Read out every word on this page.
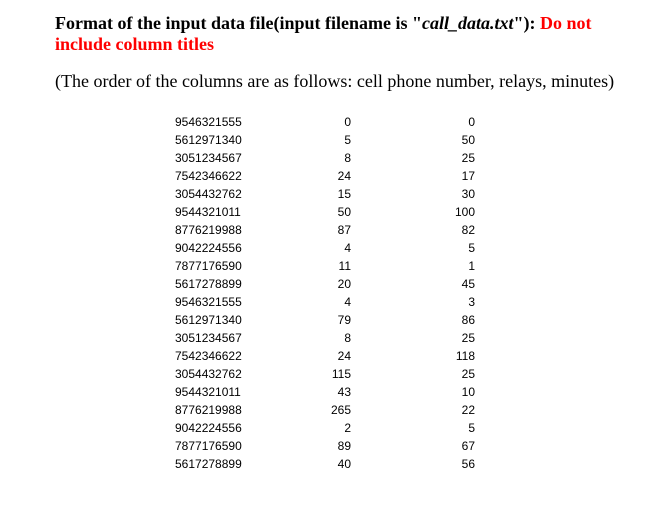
Format of the input data file(input filename is "call_data.txt"): Do not
include column titles
(The order of the columns are as follows: cell phone number, relays, minutes)
9546321555	0	0
5612971340	5	50
3051234567	8	25
7542346622	24	17
3054432762	15	30
9544321011	50	100
8776219988	87	82
9042224556	4	5
7877176590	11	1
5617278899	20	45
9546321555	4	3
5612971340	79	86
3051234567	8	25
7542346622	24	118
3054432762	115	25
9544321011	43	10
8776219988	265	22
9042224556	2	5
7877176590	89	67
5617278899	40	56
